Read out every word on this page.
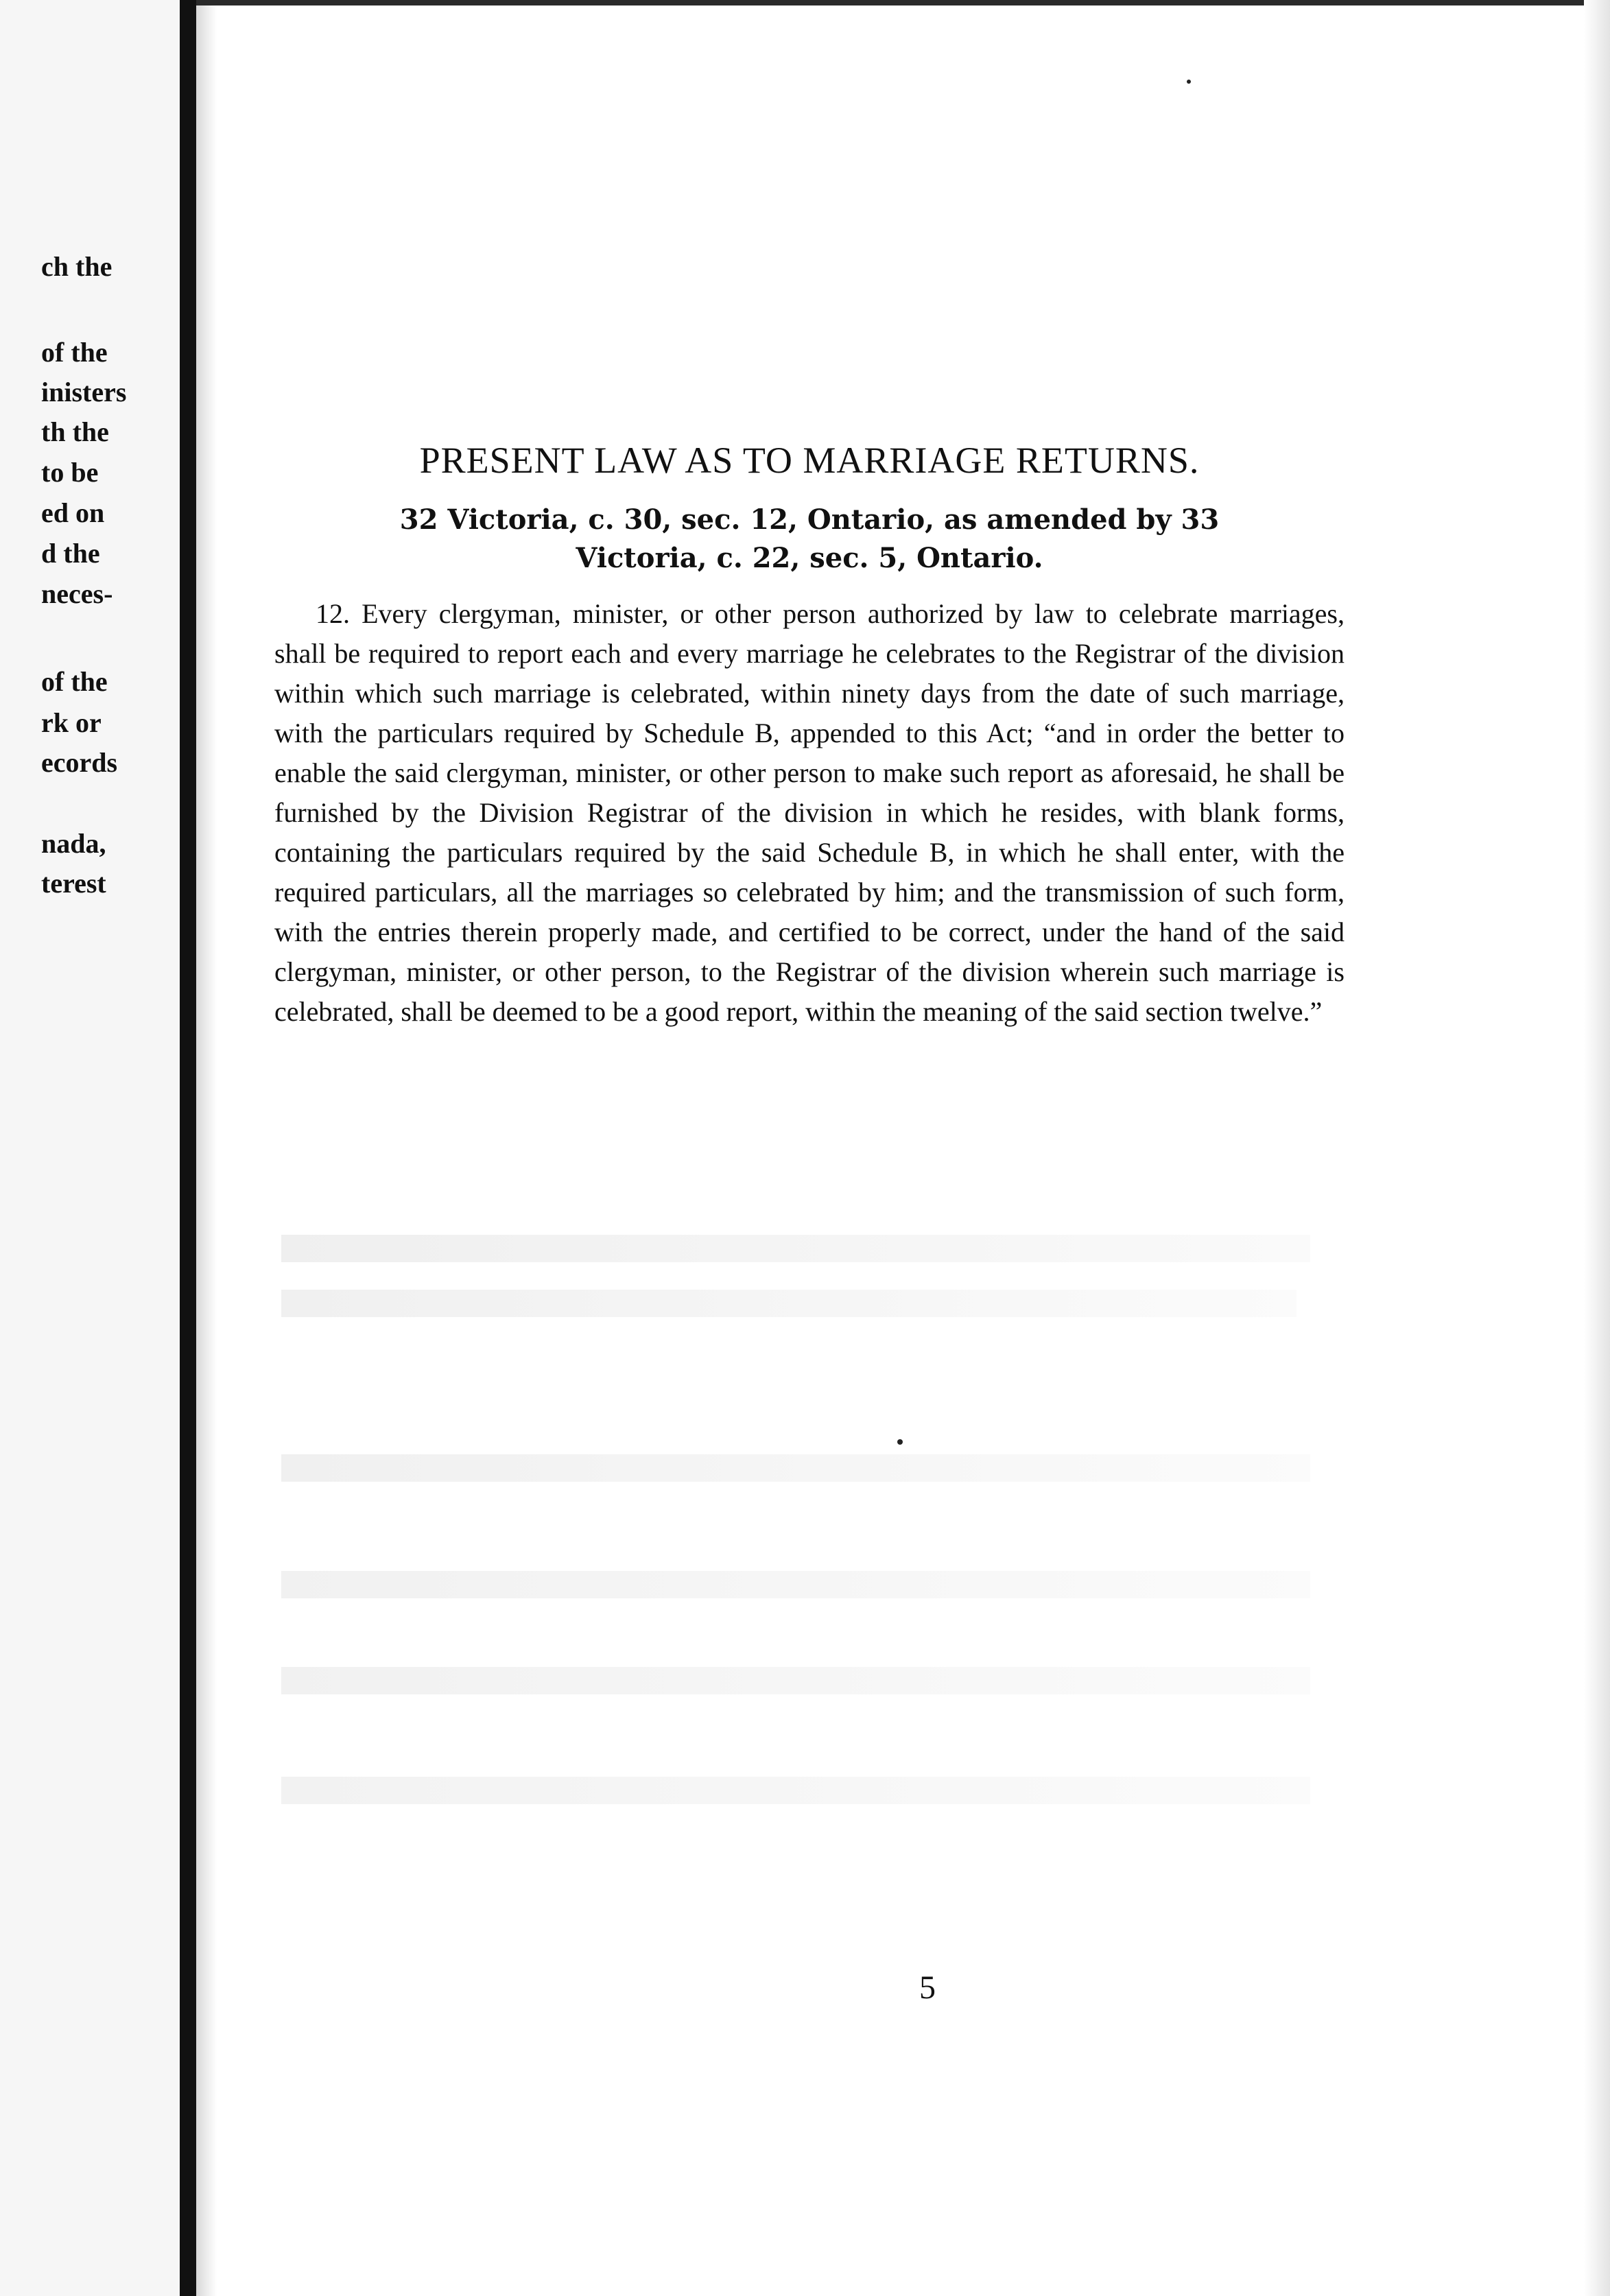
ch the
of the
inisters
th the
to be
ed on
d the
neces-
of the
rk or
ecords
nada,
terest
PRESENT LAW AS TO MARRIAGE RETURNS.
32 Victoria, c. 30, sec. 12, Ontario, as amended by 33
Victoria, c. 22, sec. 5, Ontario.

12. Every clergyman, minister, or other person authorized by law to celebrate marriages, shall be required to report each and every marriage he celebrates to the Registrar of the division within which such marriage is celebrated, within ninety days from the date of such marriage, with the particulars required by Schedule B, appended to this Act; “and in order the better to enable the said clergyman, minister, or other person to make such report as aforesaid, he shall be furnished by the Division Registrar of the division in which he resides, with blank forms, containing the particulars required by the said Schedule B, in which he shall enter, with the required particulars, all the marriages so celebrated by him; and the transmission of such form, with the entries therein properly made, and certified to be correct, under the hand of the said clergyman, minister, or other person, to the Registrar of the division wherein such marriage is celebrated, shall be deemed to be a good report, within the meaning of the said section twelve.”

5
